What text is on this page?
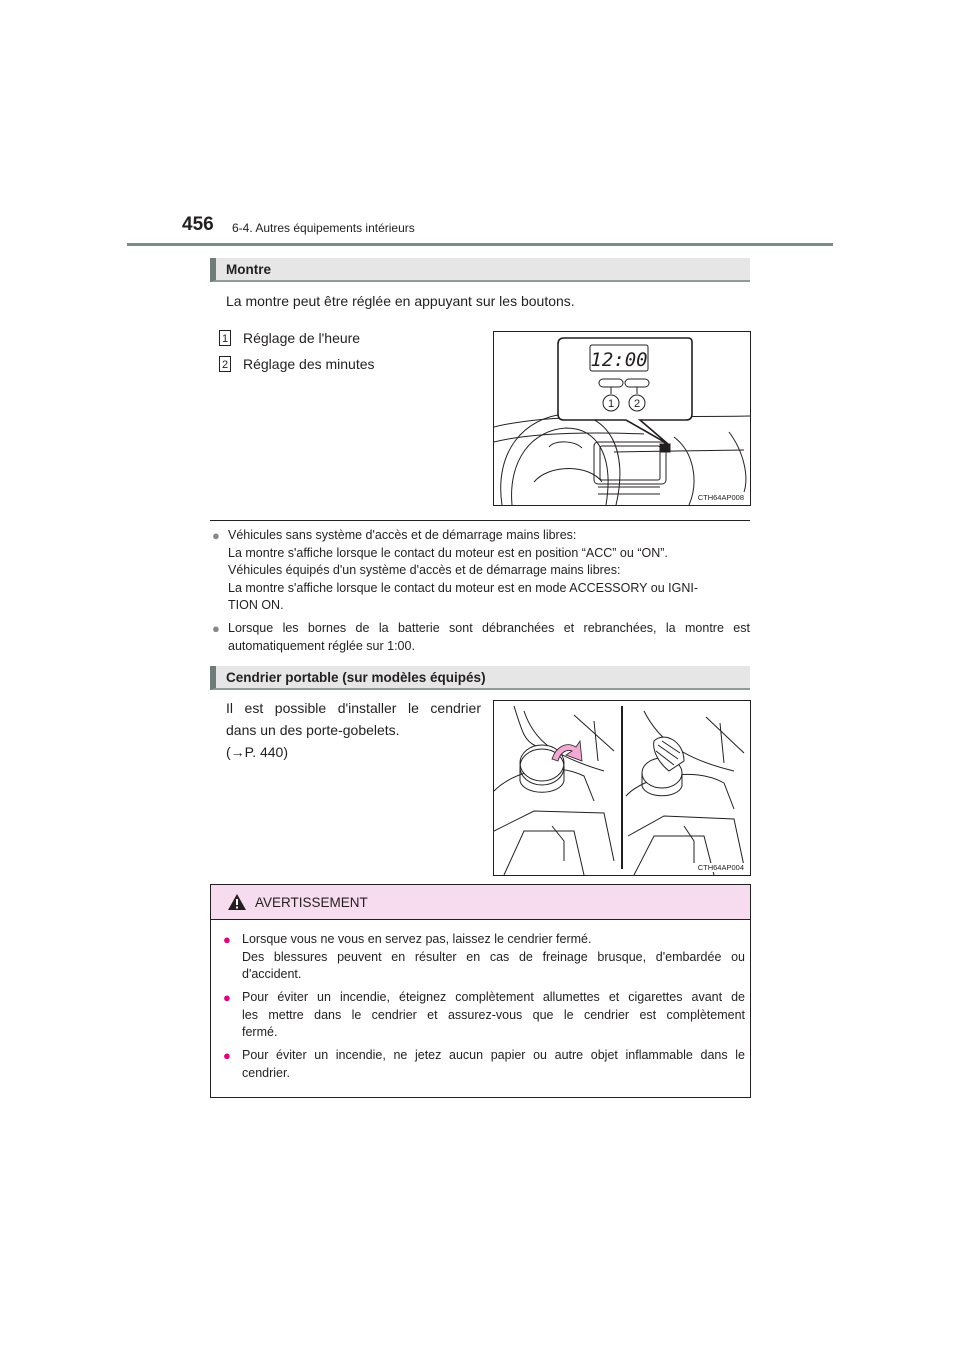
456 6-4. Autres équipements intérieurs
Montre
La montre peut être réglée en appuyant sur les boutons.
1 Réglage de l'heure
2 Réglage des minutes	12:00
1 2
CTH64AP008
● Véhicules sans système d'accès et de démarrage mains libres:
La montre s'affiche lorsque le contact du moteur est en position “ACC” ou “ON”.
Véhicules équipés d'un système d'accès et de démarrage mains libres:
La montre s'affiche lorsque le contact du moteur est en mode ACCESSORY ou IGNI-
TION ON.
● Lorsque les bornes de la batterie sont débranchées et rebranchées, la montre est
automatiquement réglée sur 1:00.
Cendrier portable (sur modèles équipés)
Il est possible d'installer le cendrier
dans un des porte-gobelets.
(→P. 440)
CTH64AP004
AVERTISSEMENT
● Lorsque vous ne vous en servez pas, laissez le cendrier fermé.
Des blessures peuvent en résulter en cas de freinage brusque, d'embardée ou
d'accident.
● Pour éviter un incendie, éteignez complètement allumettes et cigarettes avant de
les mettre dans le cendrier et assurez-vous que le cendrier est complètement
fermé.
● Pour éviter un incendie, ne jetez aucun papier ou autre objet inflammable dans le
cendrier.
